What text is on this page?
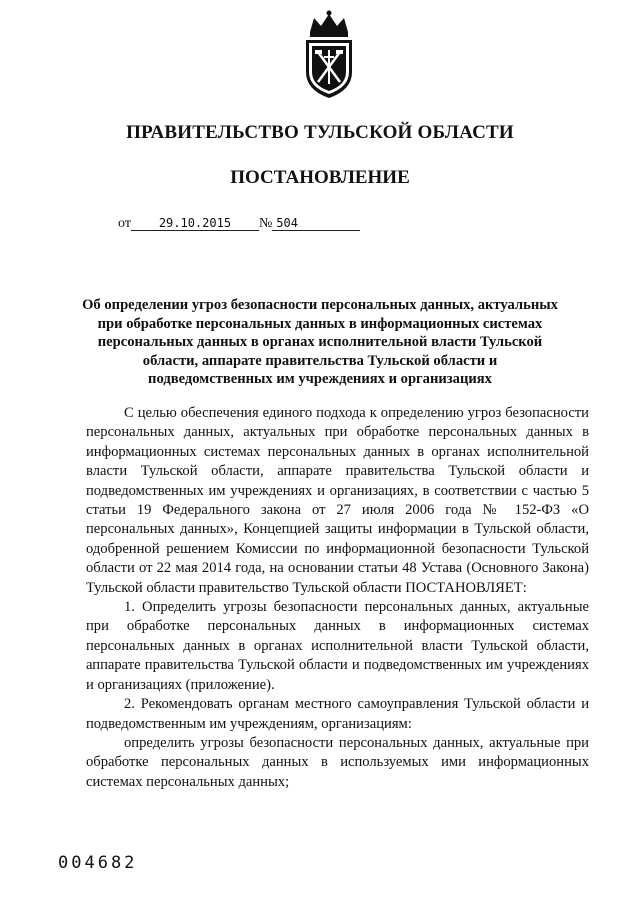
ПРАВИТЕЛЬСТВО ТУЛЬСКОЙ ОБЛАСТИ
ПОСТАНОВЛЕНИЕ
от 29.10.2015 № 504
Об определении угроз безопасности персональных данных, актуальных при обработке персональных данных в информационных системах персональных данных в органах исполнительной власти Тульской области, аппарате правительства Тульской области и подведомственных им учреждениях и организациях

С целью обеспечения единого подхода к определению угроз безопасности персональных данных, актуальных при обработке персональных данных в информационных системах персональных данных в органах исполнительной власти Тульской области, аппарате правительства Тульской области и подведомственных им учреждениях и организациях, в соответствии с частью 5 статьи 19 Федерального закона от 27 июля 2006 года № 152-ФЗ «О персональных данных», Концепцией защиты информации в Тульской области, одобренной решением Комиссии по информационной безопасности Тульской области от 22 мая 2014 года, на основании статьи 48 Устава (Основного Закона) Тульской области правительство Тульской области ПОСТАНОВЛЯЕТ:

1. Определить угрозы безопасности персональных данных, актуальные при обработке персональных данных в информационных системах персональных данных в органах исполнительной власти Тульской области, аппарате правительства Тульской области и подведомственных им учреждениях и организациях (приложение).

2. Рекомендовать органам местного самоуправления Тульской области и подведомственным им учреждениям, организациям:

определить угрозы безопасности персональных данных, актуальные при обработке персональных данных в используемых ими информационных системах персональных данных;

004682
